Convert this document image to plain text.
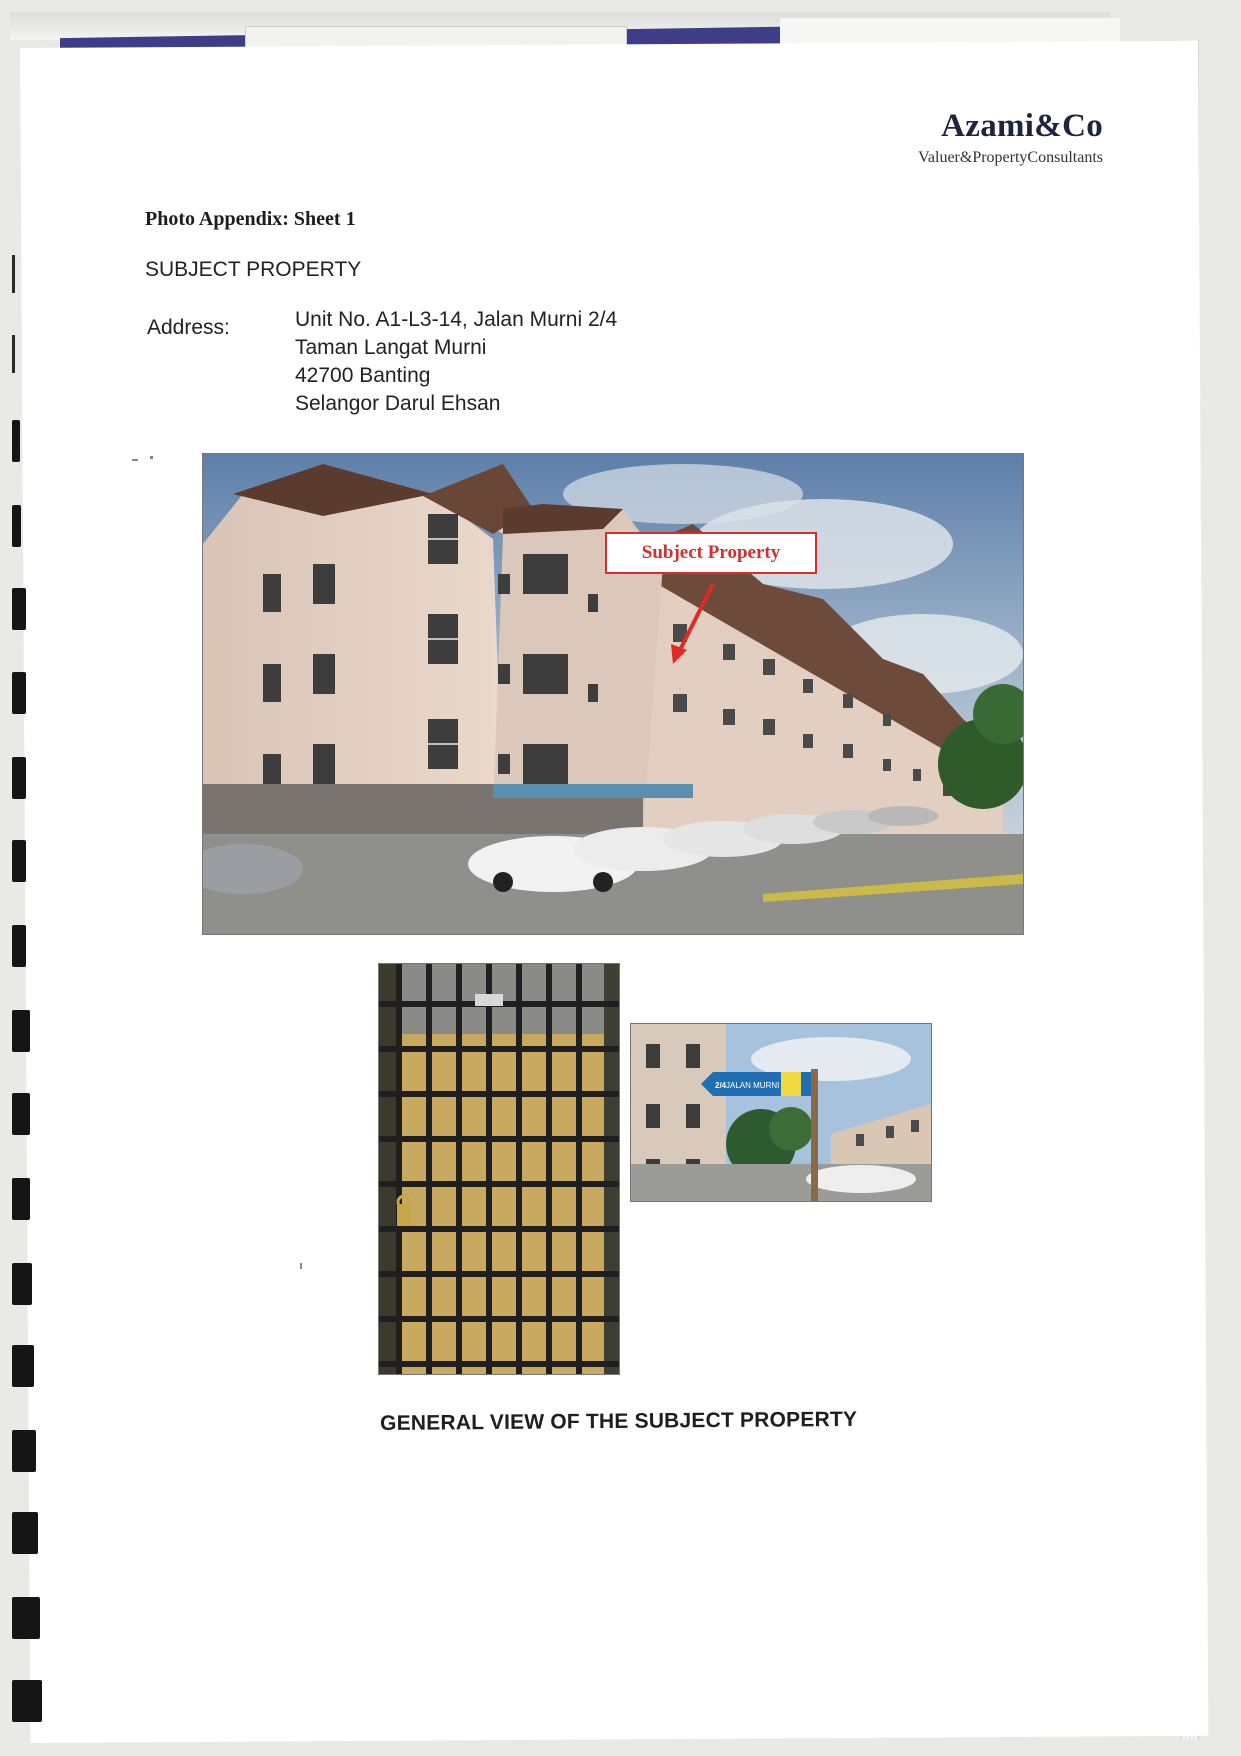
Azami&Co
Valuer&PropertyConsultants
Photo Appendix: Sheet 1
SUBJECT PROPERTY
Address:	Unit No. A1-L3-14, Jalan Murni 2/4
Taman Langat Murni
42700 Banting
Selangor Darul Ehsan
Subject Property
JALAN MURNI
2/4
GENERAL VIEW OF THE SUBJECT PROPERTY
